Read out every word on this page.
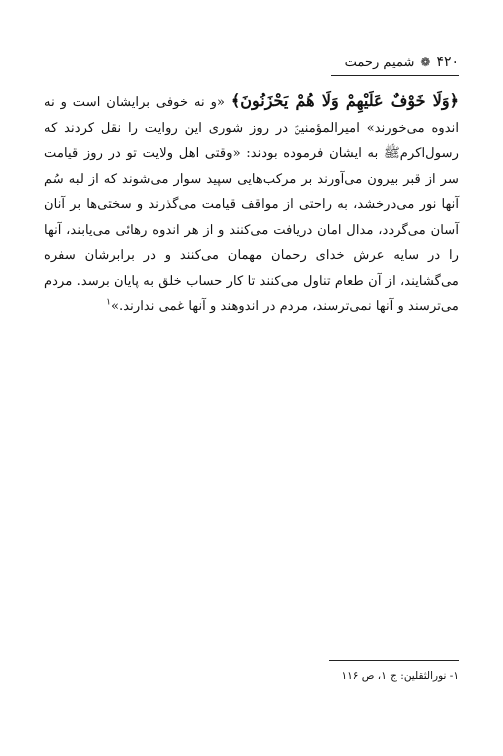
۴۲۰
❁
شمیم رحمت

﴿وَلَا خَوْفٌ عَلَيْهِمْ وَلَا هُمْ يَحْزَنُونَ﴾ «و نه خوفی برایشان است و نه اندوه می‌خورند» امیرالمؤمنینؑ در روز شوری این روایت را نقل کردند که رسول‌اکرمﷺ به ایشان فرموده بودند: «وقتی اهل ولایت تو در روز قیامت سر از قبر بیرون می‌آورند بر مرکب‌هایی سپید سوار می‌شوند که از لبه سُم آنها نور می‌درخشد، به راحتی از مواقف قیامت می‌گذرند و سختی‌ها بر آنان آسان می‌گردد، مدال امان دریافت می‌کنند و از هر اندوه رهائی می‌یابند، آنها را در سایه عرش خدای رحمان مهمان می‌کنند و در برابرشان سفره می‌گشایند، از آن طعام تناول می‌کنند تا کار حساب خلق به پایان برسد. مردم می‌ترسند و آنها نمی‌ترسند، مردم در اندوهند و آنها غمی ندارند.»$^۱$

۱- نورالثقلین: ج ۱، ص ۱۱۶
